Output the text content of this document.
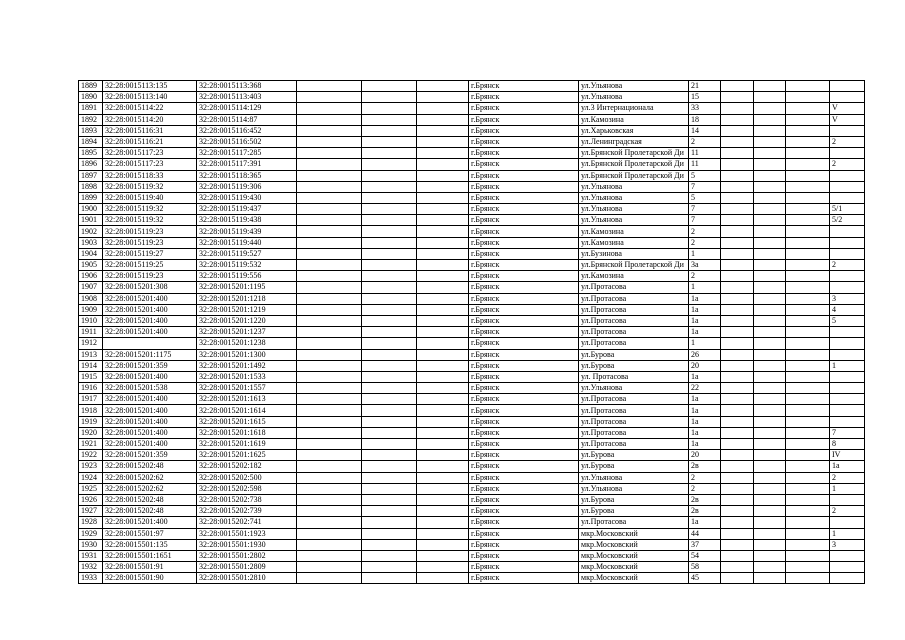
1889	32:28:0015113:135	32:28:0015113:368				г.Брянск	ул.Ульянова	21				
1890	32:28:0015113:140	32:28:0015113:403				г.Брянск	ул.Ульянова	15				
1891	32:28:0015114:22	32:28:0015114:129				г.Брянск	ул.3 Интернационала	33				V
1892	32:28:0015114:20	32:28:0015114:87				г.Брянск	ул.Камозина	18				V
1893	32:28:0015116:31	32:28:0015116:452				г.Брянск	ул.Харьковская	14				
1894	32:28:0015116:21	32:28:0015116:502				г.Брянск	ул.Ленинградская	2				2
1895	32:28:0015117:23	32:28:0015117:285				г.Брянск	ул.Брянской Пролетарской Ди	11				
1896	32:28:0015117:23	32:28:0015117:391				г.Брянск	ул.Брянской Пролетарской Ди	11				2
1897	32:28:0015118:33	32:28:0015118:365				г.Брянск	ул.Брянской Пролетарской Ди	5				
1898	32:28:0015119:32	32:28:0015119:306				г.Брянск	ул.Ульянова	7				
1899	32:28:0015119:40	32:28:0015119:430				г.Брянск	ул.Ульянова	5				
1900	32:28:0015119:32	32:28:0015119:437				г.Брянск	ул.Ульянова	7				5/1
1901	32:28:0015119:32	32:28:0015119:438				г.Брянск	ул.Ульянова	7				5/2
1902	32:28:0015119:23	32:28:0015119:439				г.Брянск	ул.Камозина	2				
1903	32:28:0015119:23	32:28:0015119:440				г.Брянск	ул.Камозина	2				
1904	32:28:0015119:27	32:28:0015119:527				г.Брянск	ул.Бузинова	1				
1905	32:28:0015119:25	32:28:0015119:532				г.Брянск	ул.Брянской Пролетарской Ди	3а				2
1906	32:28:0015119:23	32:28:0015119:556				г.Брянск	ул.Камозина	2				
1907	32:28:0015201:308	32:28:0015201:1195				г.Брянск	ул.Протасова	1				
1908	32:28:0015201:400	32:28:0015201:1218				г.Брянск	ул.Протасова	1а				3
1909	32:28:0015201:400	32:28:0015201:1219				г.Брянск	ул.Протасова	1а				4
1910	32:28:0015201:400	32:28:0015201:1220				г.Брянск	ул.Протасова	1а				5
1911	32:28:0015201:400	32:28:0015201:1237				г.Брянск	ул.Протасова	1а				
1912		32:28:0015201:1238				г.Брянск	ул.Протасова	1				
1913	32:28:0015201:1175	32:28:0015201:1300				г.Брянск	ул.Бурова	26				
1914	32:28:0015201:359	32:28:0015201:1492				г.Брянск	ул.Бурова	20				1
1915	32:28:0015201:400	32:28:0015201:1533				г.Брянск	ул. Протасова	1а				
1916	32:28:0015201:538	32:28:0015201:1557				г.Брянск	ул.Ульянова	22				
1917	32:28:0015201:400	32:28:0015201:1613				г.Брянск	ул.Протасова	1а				
1918	32:28:0015201:400	32:28:0015201:1614				г.Брянск	ул.Протасова	1а				
1919	32:28:0015201:400	32:28:0015201:1615				г.Брянск	ул.Протасова	1а				
1920	32:28:0015201:400	32:28:0015201:1618				г.Брянск	ул.Протасова	1а				7
1921	32:28:0015201:400	32:28:0015201:1619				г.Брянск	ул.Протасова	1а				8
1922	32:28:0015201:359	32:28:0015201:1625				г.Брянск	ул.Бурова	20				IV
1923	32:28:0015202:48	32:28:0015202:182				г.Брянск	ул.Бурова	2в				1а
1924	32:28:0015202:62	32:28:0015202:500				г.Брянск	ул.Ульянова	2				2
1925	32:28:0015202:62	32:28:0015202:598				г.Брянск	ул.Ульянова	2				1
1926	32:28:0015202:48	32:28:0015202:738				г.Брянск	ул.Бурова	2в				
1927	32:28:0015202:48	32:28:0015202:739				г.Брянск	ул.Бурова	2в				2
1928	32:28:0015201:400	32:28:0015202:741				г.Брянск	ул.Протасова	1а				
1929	32:28:0015501:97	32:28:0015501:1923				г.Брянск	мкр.Московский	44				1
1930	32:28:0015501:135	32:28:0015501:1930				г.Брянск	мкр.Московский	37				3
1931	32:28:0015501:1651	32:28:0015501:2802				г.Брянск	мкр.Московский	54				
1932	32:28:0015501:91	32:28:0015501:2809				г.Брянск	мкр.Московский	58				
1933	32:28:0015501:90	32:28:0015501:2810				г.Брянск	мкр.Московский	45				
